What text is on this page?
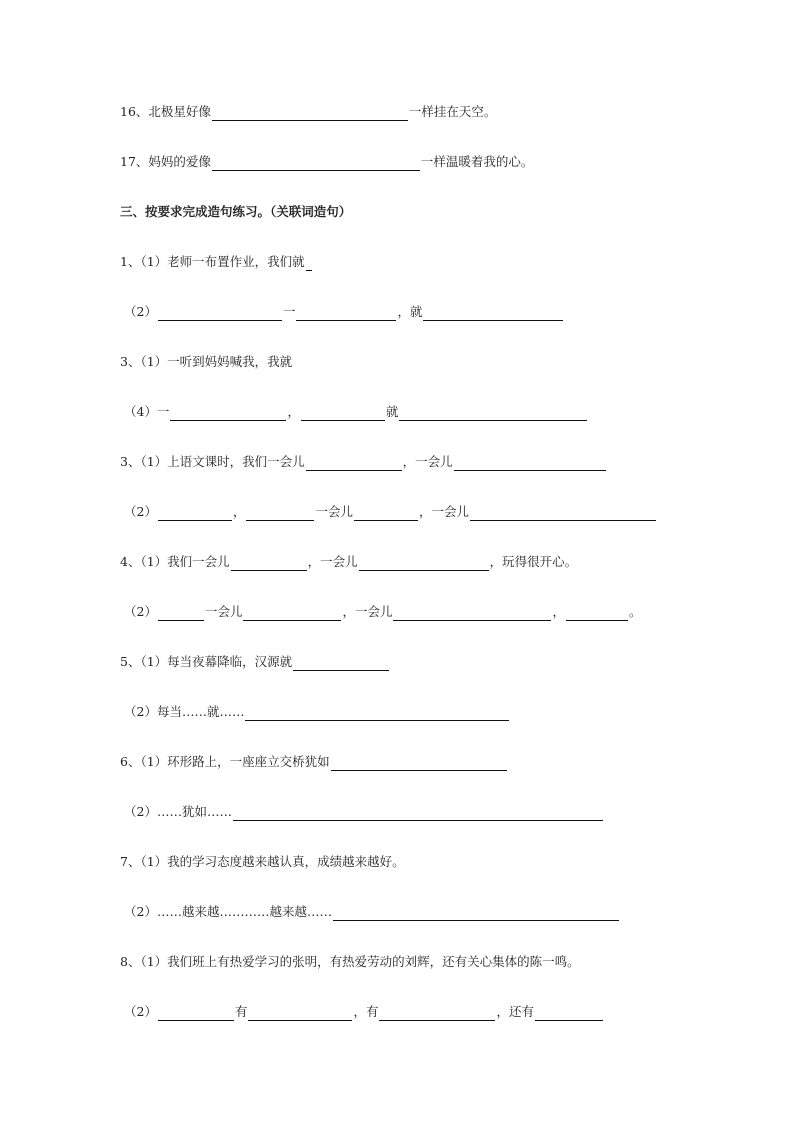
16、北极星好像	一样挂在天空。
17、妈妈的爱像	一样温暖着我的心。
三、按要求完成造句练习。（关联词造句）
1、（1）老师一布置作业，我们就
（2）	一	，就
3、（1）一听到妈妈喊我，我就
（4）一	，	就
3、（1）上语文课时，我们一会儿	，一会儿
（2）	，	一会儿	，一会儿
4、（1）我们一会儿	，一会儿	，玩得很开心。
（2）	一会儿	，一会儿	，	。
5、（1）每当夜幕降临，汉源就
（2）每当……就……
6、（1）环形路上，一座座立交桥犹如
（2）……犹如……
7、（1）我的学习态度越来越认真，成绩越来越好。
（2）……越来越…………越来越……
8、（1）我们班上有热爱学习的张明，有热爱劳动的刘辉，还有关心集体的陈一鸣。
（2）	有	，有	，还有
